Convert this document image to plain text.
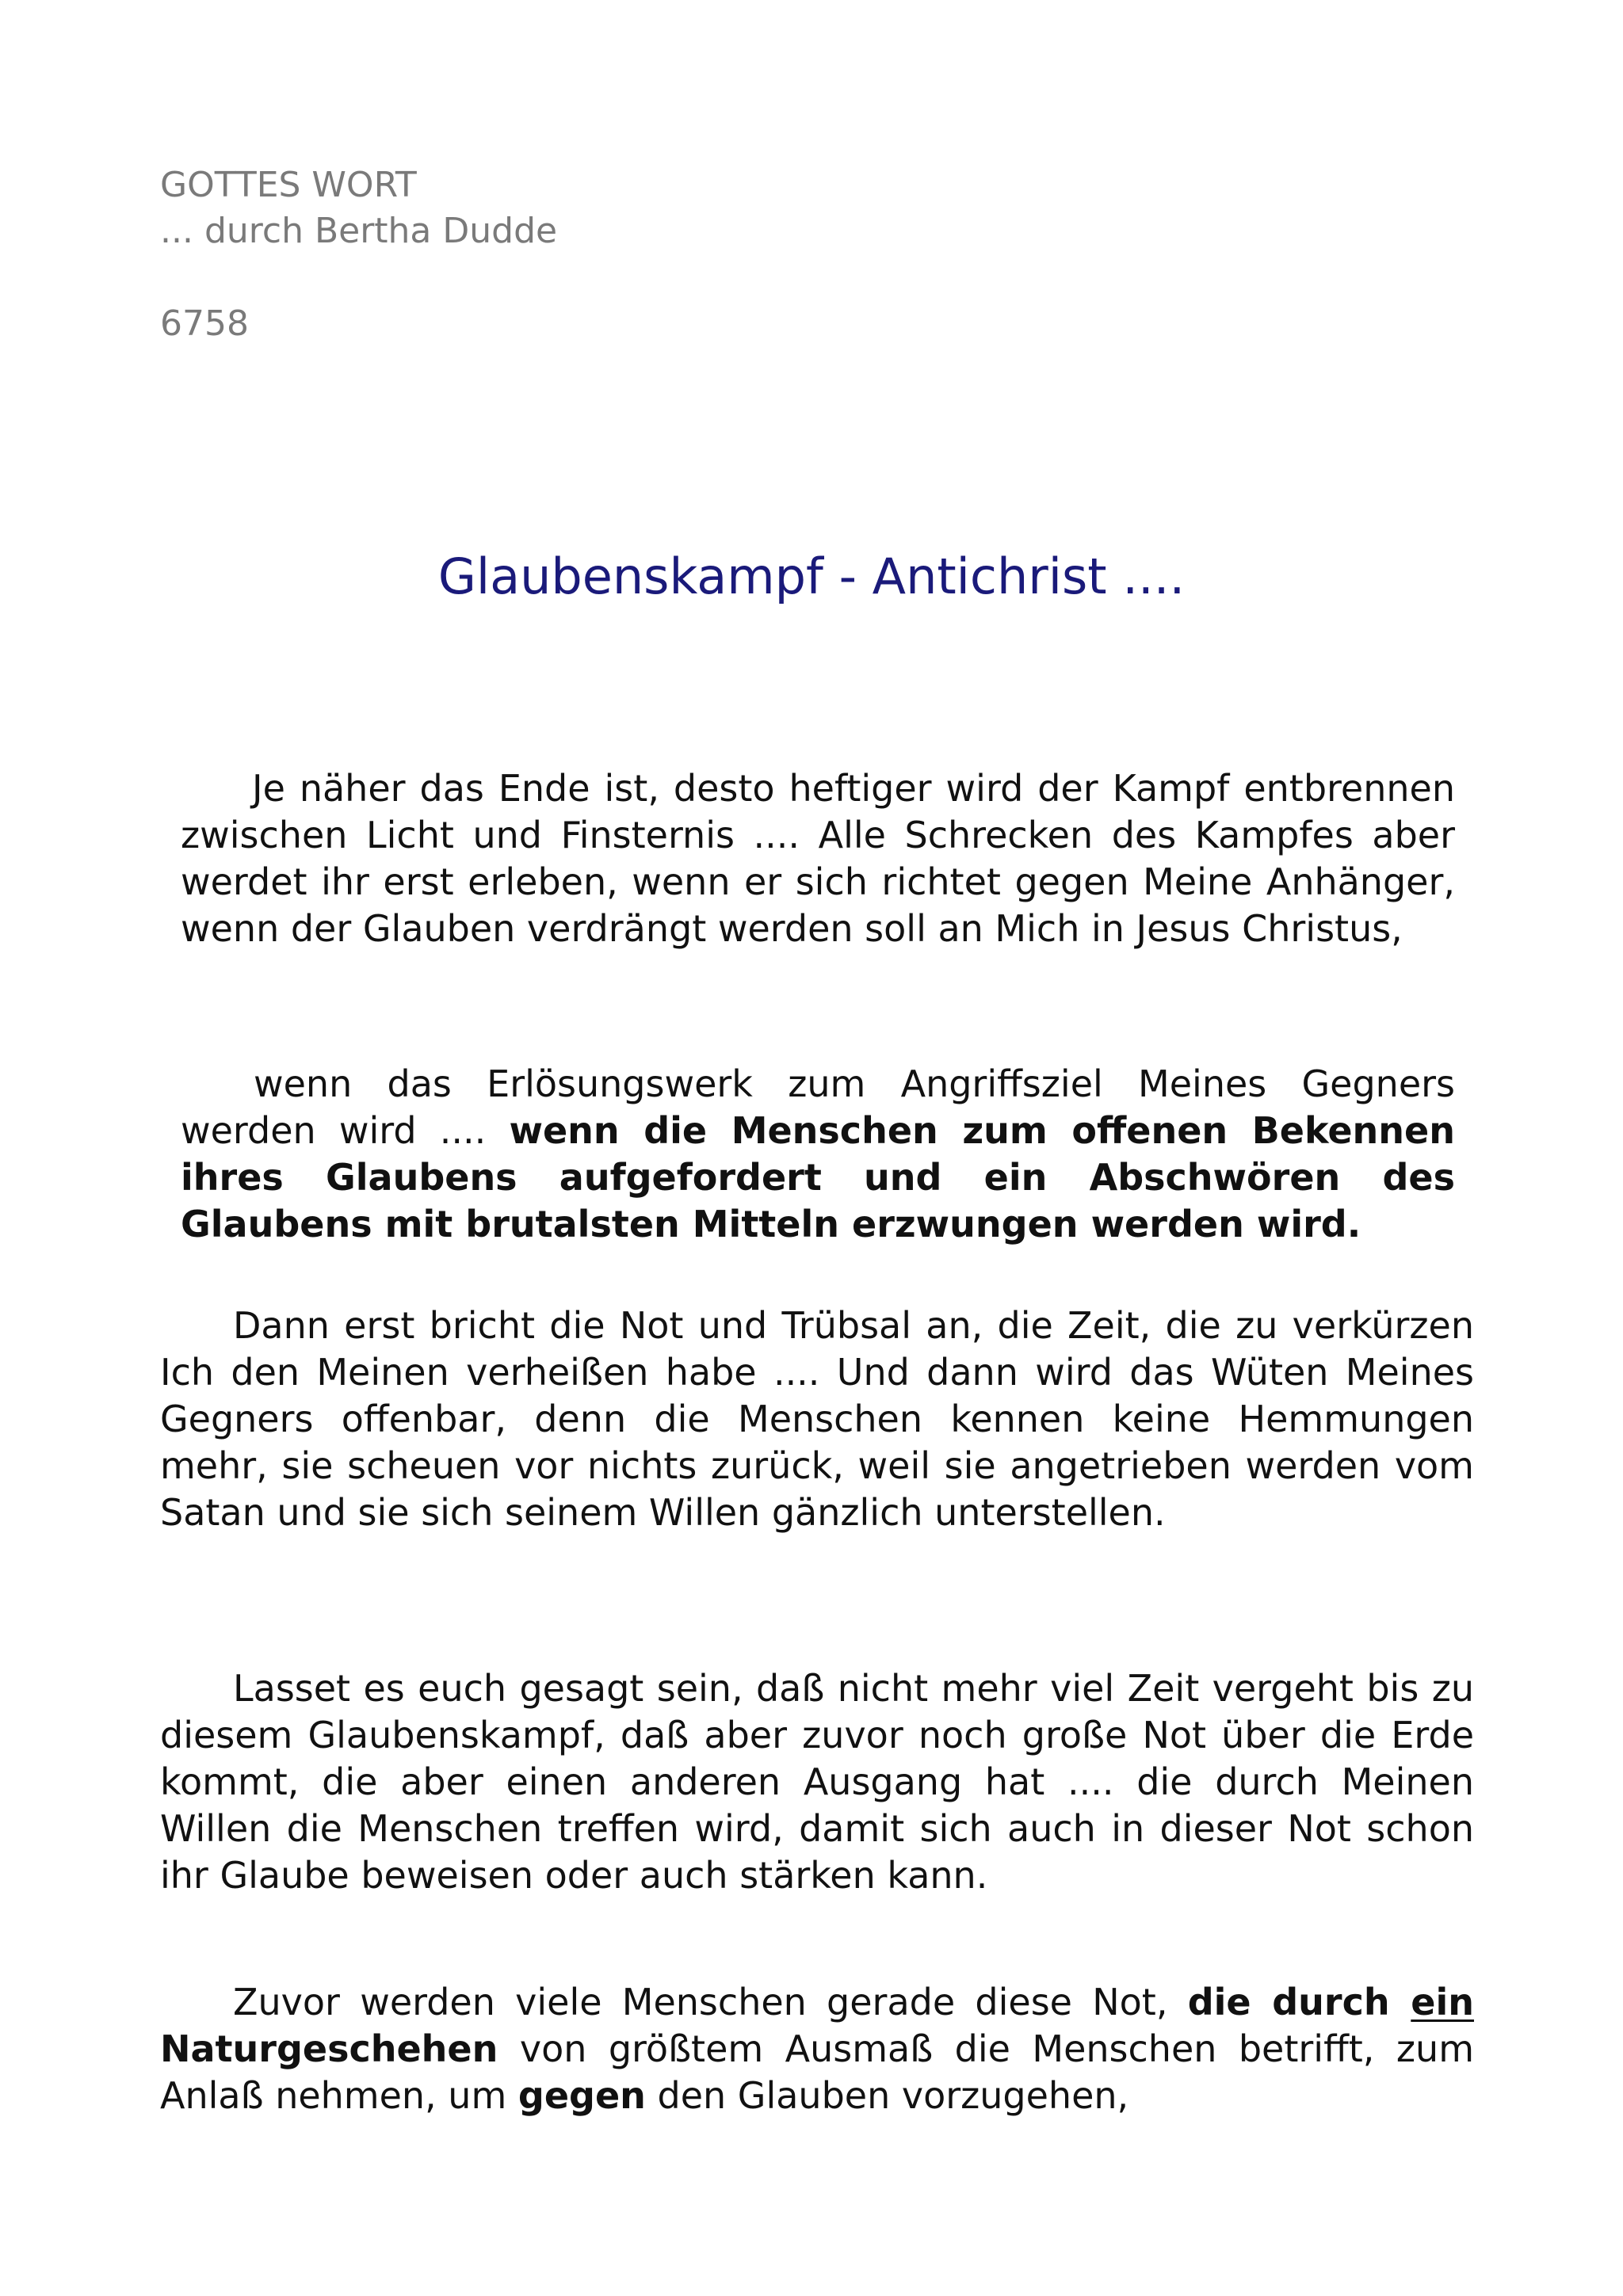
GOTTES WORT
... durch Bertha Dudde
6758
Glaubenskampf - Antichrist ....
Je näher das Ende ist, desto heftiger wird der Kampf entbrennen zwischen Licht und Finsternis .... Alle Schrecken des Kampfes aber werdet ihr erst erleben, wenn er sich richtet gegen Meine Anhänger, wenn der Glauben verdrängt werden soll an Mich in Jesus Christus,
wenn das Erlösungswerk zum Angriffsziel Meines Gegners werden wird .... wenn die Menschen zum offenen Bekennen ihres Glaubens aufgefordert und ein Abschwören des Glaubens mit brutalsten Mitteln erzwungen werden wird.
Dann erst bricht die Not und Trübsal an, die Zeit, die zu verkürzen Ich den Meinen verheißen habe .... Und dann wird das Wüten Meines Gegners offenbar, denn die Menschen kennen keine Hemmungen mehr, sie scheuen vor nichts zurück, weil sie angetrieben werden vom Satan und sie sich seinem Willen gänzlich unterstellen.
Lasset es euch gesagt sein, daß nicht mehr viel Zeit vergeht bis zu diesem Glaubenskampf, daß aber zuvor noch große Not über die Erde kommt, die aber einen anderen Ausgang hat .... die durch Meinen Willen die Menschen treffen wird, damit sich auch in dieser Not schon ihr Glaube beweisen oder auch stärken kann.
Zuvor werden viele Menschen gerade diese Not, die durch ein Naturgeschehen von größtem Ausmaß die Menschen betrifft, zum Anlaß nehmen, um gegen den Glauben vorzugehen,
